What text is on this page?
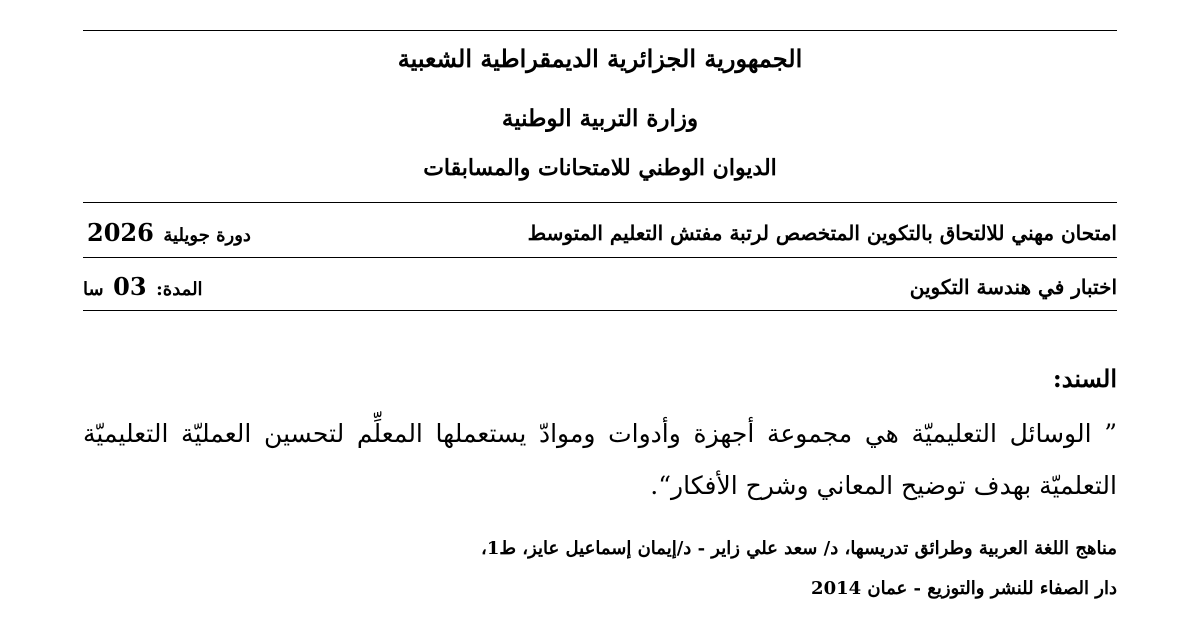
الجمهورية الجزائرية الديمقراطية الشعبية
وزارة التربية الوطنية
الديوان الوطني للامتحانات والمسابقات
امتحان مهني للالتحاق بالتكوين المتخصص لرتبة مفتش التعليم المتوسط
دورة جويلية 2026
اختبار في هندسة التكوين
المدة: 03 سا
السند:
” الوسائل التعليميّة هي مجموعة أجهزة وأدوات وموادّ يستعملها المعلِّم لتحسين العمليّة التعليميّة التعلميّة بهدف توضيح المعاني وشرح الأفكار“.
مناهج اللغة العربية وطرائق تدريسها، د/ سعد علي زاير - د/إيمان إسماعيل عايز، ط1،
دار الصفاء للنشر والتوزيع - عمان 2014
